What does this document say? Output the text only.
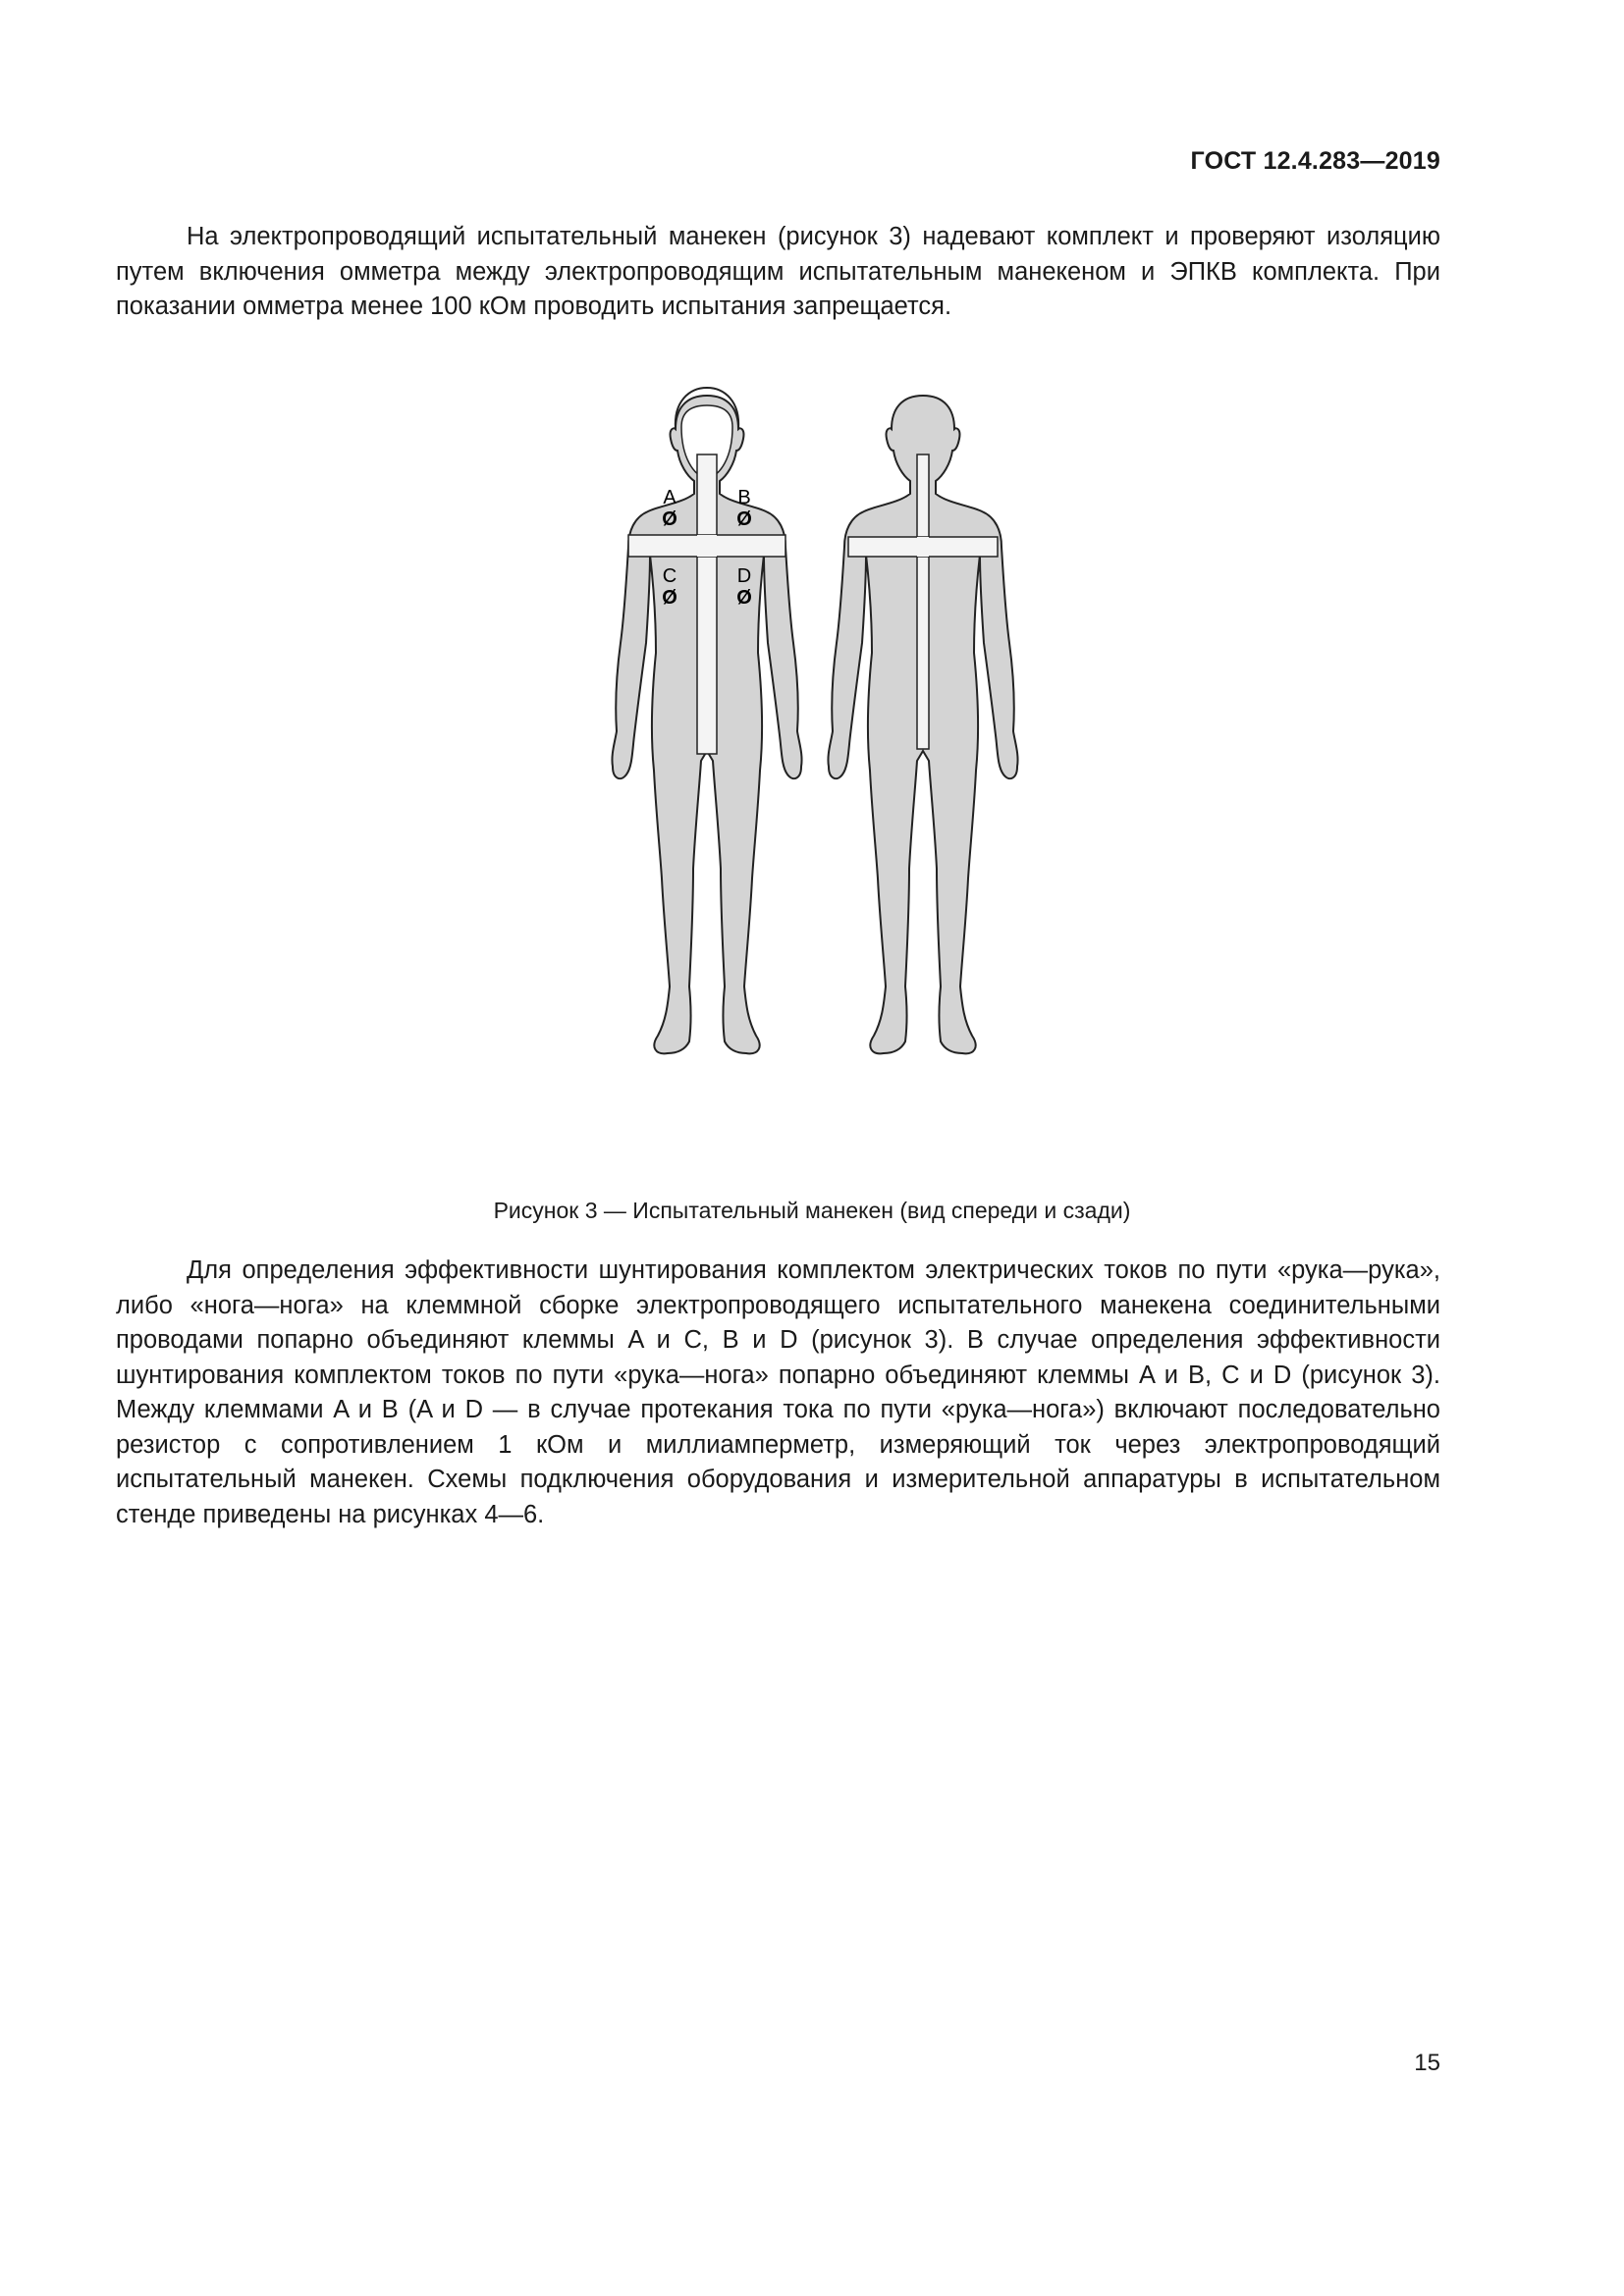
ГОСТ 12.4.283—2019

На электропроводящий испытательный манекен (рисунок 3) надевают комплект и проверяют изоляцию путем включения омметра между электропроводящим испытательным манекеном и ЭПКВ комплекта. При показании омметра менее 100 кОм проводить испытания запрещается.

A
Ø
B
Ø
C
Ø
D
Ø
Рисунок 3 — Испытательный манекен (вид спереди и сзади)

Для определения эффективности шунтирования комплектом электрических токов по пути «рука—рука», либо «нога—нога» на клеммной сборке электропроводящего испытательного манекена соединительными проводами попарно объединяют клеммы A и C, B и D (рисунок 3). В случае определения эффективности шунтирования комплектом токов по пути «рука—нога» попарно объединяют клеммы A и B, C и D (рисунок 3). Между клеммами A и B (A и D — в случае протекания тока по пути «рука—нога») включают последовательно резистор с сопротивлением 1 кОм и миллиамперметр, измеряющий ток через электропроводящий испытательный манекен. Схемы подключения оборудования и измерительной аппаратуры в испытательном стенде приведены на рисунках 4—6.

15
